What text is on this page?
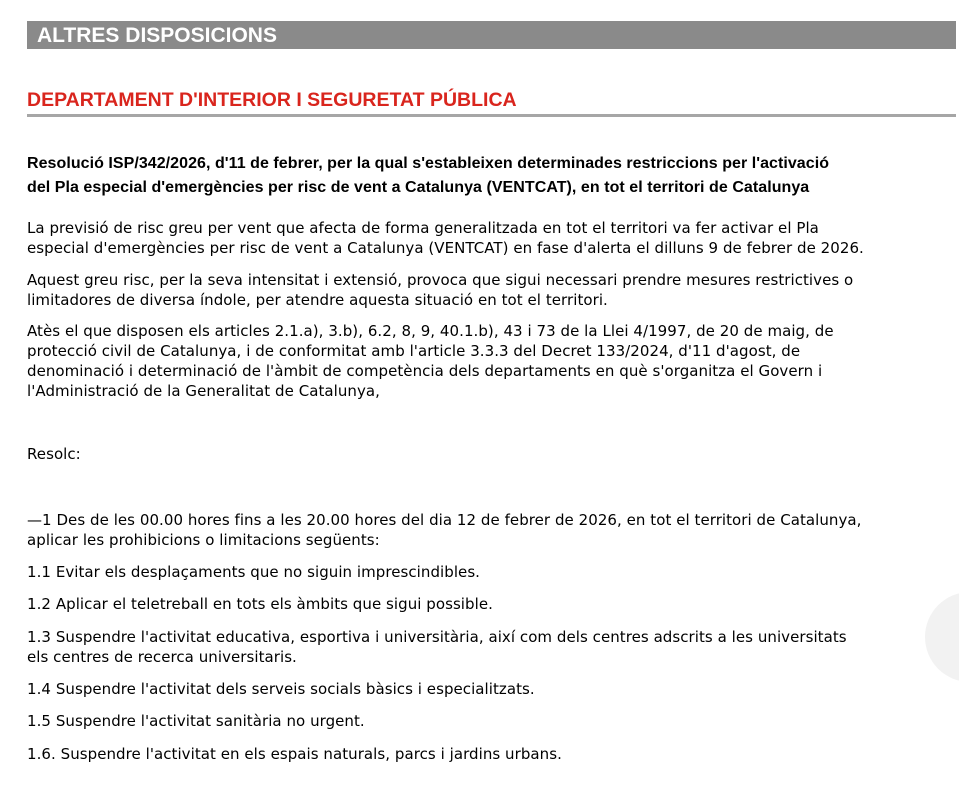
ALTRES DISPOSICIONS
DEPARTAMENT D'INTERIOR I SEGURETAT PÚBLICA
Resolució ISP/342/2026, d'11 de febrer, per la qual s'estableixen determinades restriccions per l'activació
del Pla especial d'emergències per risc de vent a Catalunya (VENTCAT), en tot el territori de Catalunya
La previsió de risc greu per vent que afecta de forma generalitzada en tot el territori va fer activar el Pla
especial d'emergències per risc de vent a Catalunya (VENTCAT) en fase d'alerta el dilluns 9 de febrer de 2026.
Aquest greu risc, per la seva intensitat i extensió, provoca que sigui necessari prendre mesures restrictives o
limitadores de diversa índole, per atendre aquesta situació en tot el territori.
Atès el que disposen els articles 2.1.a), 3.b), 6.2, 8, 9, 40.1.b), 43 i 73 de la Llei 4/1997, de 20 de maig, de
protecció civil de Catalunya, i de conformitat amb l'article 3.3.3 del Decret 133/2024, d'11 d'agost, de
denominació i determinació de l'àmbit de competència dels departaments en què s'organitza el Govern i
l'Administració de la Generalitat de Catalunya,
Resolc:
—1 Des de les 00.00 hores fins a les 20.00 hores del dia 12 de febrer de 2026, en tot el territori de Catalunya,
aplicar les prohibicions o limitacions següents:
1.1 Evitar els desplaçaments que no siguin imprescindibles.
1.2 Aplicar el teletreball en tots els àmbits que sigui possible.
1.3 Suspendre l'activitat educativa, esportiva i universitària, així com dels centres adscrits a les universitats
els centres de recerca universitaris.
1.4 Suspendre l'activitat dels serveis socials bàsics i especialitzats.
1.5 Suspendre l'activitat sanitària no urgent.
1.6. Suspendre l'activitat en els espais naturals, parcs i jardins urbans.
